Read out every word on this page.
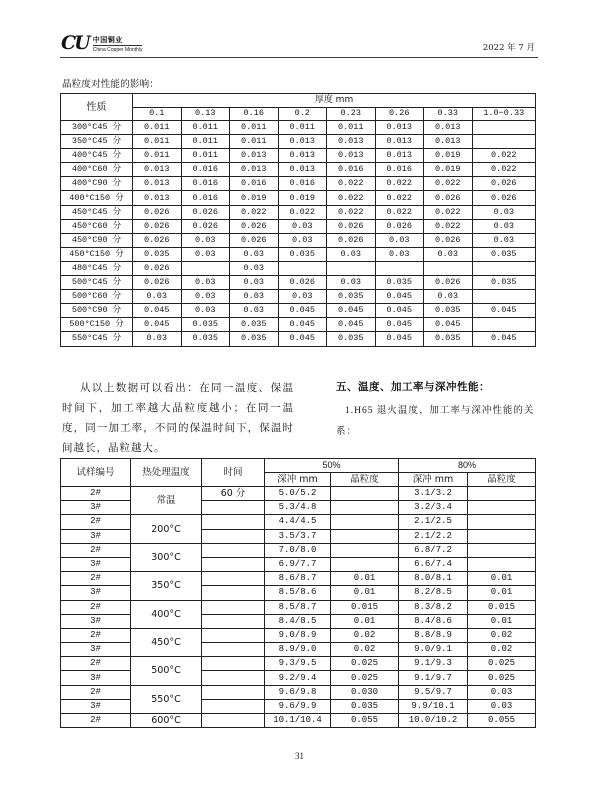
CU 中国铜业
China Copper Monthly	2022 年 7 月
晶粒度对性能的影响：
性质	厚度 mm							
	0.1	0.13	0.16	0.2	0.23	0.26	0.33	1.0−0.33
300°C45 分	0.011	0.011	0.011	0.011	0.011	0.013	0.013	
350°C45 分	0.011	0.011	0.011	0.013	0.013	0.013	0.013	
400°C45 分	0.011	0.011	0.013	0.013	0.013	0.013	0.019	0.022
400°C60 分	0.013	0.016	0.013	0.013	0.016	0.016	0.019	0.022
400°C90 分	0.013	0.016	0.016	0.016	0.022	0.022	0.022	0.026
400°C150 分	0.013	0.016	0.019	0.019	0.022	0.022	0.026	0.026
450°C45 分	0.026	0.026	0.022	0.022	0.022	0.022	0.022	0.03
450°C60 分	0.026	0.026	0.026	0.03	0.026	0.026	0.022	0.03
450°C90 分	0.026	0.03	0.026	0.03	0.026	0.03	0.026	0.03
450°C150 分	0.035	0.03	0.03	0.035	0.03	0.03	0.03	0.035
480°C45 分	0.026		0.03					
500°C45 分	0.026	0.03	0.03	0.026	0.03	0.035	0.026	0.035
500°C60 分	0.03	0.03	0.03	0.03	0.035	0.045	0.03	
500°C90 分	0.045	0.03	0.03	0.045	0.045	0.045	0.035	0.045
500°C150 分	0.045	0.035	0.035	0.045	0.045	0.045	0.045	
550°C45 分	0.03	0.035	0.035	0.045	0.035	0.045	0.035	0.045

从以上数据可以看出：在同一温度、保温时间下，加工率越大晶粒度越小；在同一温度，同一加工率，不同的保温时间下，保温时间越长，晶粒越大。

五、温度、加工率与深冲性能：
1.H65 退火温度、加工率与深冲性能的关系：
试样编号	热处理温度	时间	50%		80%	
			深冲 mm	晶粒度	深冲 mm	晶粒度
2#	常温	60 分	5.0/5.2		3.1/3.2	
3#			5.3/4.8		3.2/3.4	
2#	200°C		4.4/4.5		2.1/2.5	
3#			3.5/3.7		2.1/2.2	
2#	300°C		7.0/8.0		6.8/7.2	
3#			6.9/7.7		6.6/7.4	
2#	350°C		8.6/8.7	0.01	8.0/8.1	0.01
3#			8.5/8.6	0.01	8.2/8.5	0.01
2#	400°C		8.5/8.7	0.015	8.3/8.2	0.015
3#			8.4/8.5	0.01	8.4/8.6	0.01
2#	450°C		9.0/8.9	0.02	8.8/8.9	0.02
3#			8.9/9.0	0.02	9.0/9.1	0.02
2#	500°C		9.3/9.5	0.025	9.1/9.3	0.025
3#			9.2/9.4	0.025	9.1/9.7	0.025
2#	550°C		9.6/9.8	0.030	9.5/9.7	0.03
3#			9.6/9.9	0.035	9.9/10.1	0.03
2#	600°C		10.1/10.4	0.055	10.0/10.2	0.055
31
